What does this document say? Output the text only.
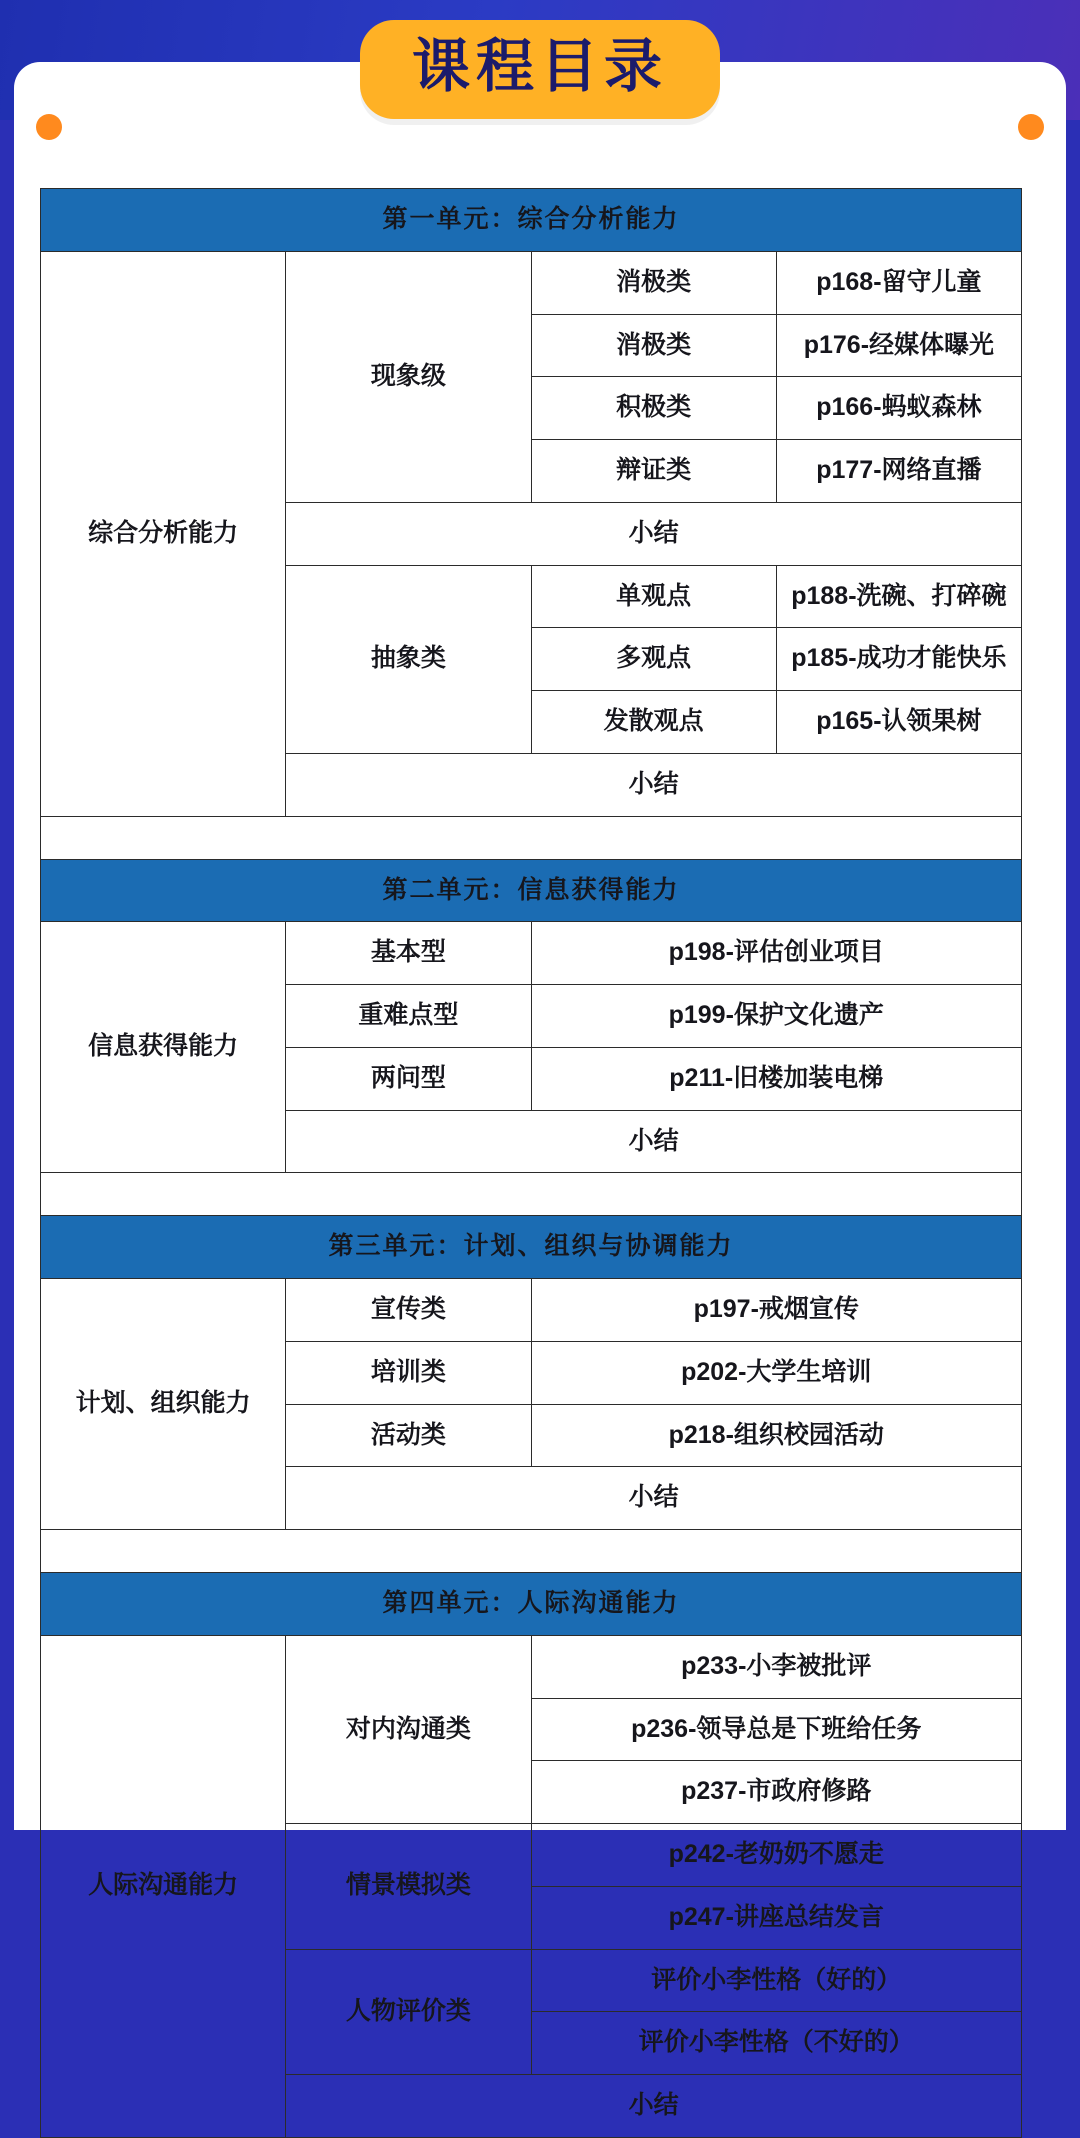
课程目录
第一单元：综合分析能力			
综合分析能力	现象级	消极类	p168-留守儿童
		消极类	p176-经媒体曝光
		积极类	p166-蚂蚁森林
		辩证类	p177-网络直播
	小结		
	抽象类	单观点	p188-洗碗、打碎碗
		多观点	p185-成功才能快乐
		发散观点	p165-认领果树
	小结		

第二单元：信息获得能力			
信息获得能力	基本型	p198-评估创业项目	
	重难点型	p199-保护文化遗产	
	两问型	p211-旧楼加装电梯	
	小结		

第三单元：计划、组织与协调能力			
计划、组织能力	宣传类	p197-戒烟宣传	
	培训类	p202-大学生培训	
	活动类	p218-组织校园活动	
	小结		

第四单元：人际沟通能力			
人际沟通能力	对内沟通类	p233-小李被批评	
		p236-领导总是下班给任务	
		p237-市政府修路	
	情景模拟类	p242-老奶奶不愿走	
		p247-讲座总结发言	
	人物评价类	评价小李性格（好的）	
		评价小李性格（不好的）	
	小结		
